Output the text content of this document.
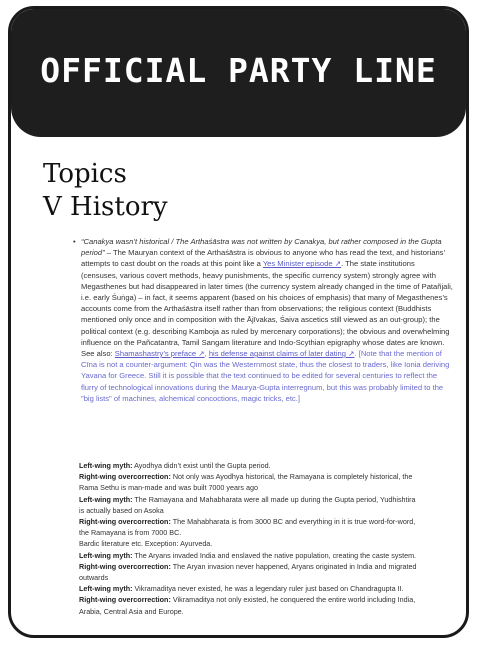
OFFICIAL PARTY LINE
Topics
V History
• “Canakya wasn’t historical / The Arthaśāstra was not written by Canakya, but rather composed in the Gupta period” – The Mauryan context of the Arthaśāstra is obvious to anyone who has read the text, and historians’ attempts to cast doubt on the roads at this point like a Yes Minister episode ↗. The state institutions (censuses, various covert methods, heavy punishments, the specific currency system) strongly agree with Megasthenes but had disappeared in later times (the currency system already changed in the time of Patañjali, i.e. early Śuṅga) – in fact, it seems apparent (based on his choices of emphasis) that many of Megasthenes’s accounts come from the Arthaśāstra itself rather than from observations; the religious context (Buddhists mentioned only once and in composition with the Ājīvakas, Śaiva ascetics still viewed as an out-group); the political context (e.g. describing Kamboja as ruled by mercenary corporations); the obvious and overwhelming influence on the Pañcatantra, Tamil Sangam literature and Indo-Scythian epigraphy whose dates are known. See also: Shamashastry’s preface ↗, his defense against claims of later dating ↗. [Note that the mention of Cīna is not a counter-argument: Qin was the Westernmost state, thus the closest to traders, like Ionia deriving Yavana for Greece. Still it is possible that the text continued to be edited for several centuries to reflect the flurry of technological innovations during the Maurya-Gupta interregnum, but this was probably limited to the "big lists" of machines, alchemical concoctions, magic tricks, etc.]
Left-wing myth: Ayodhya didn’t exist until the Gupta period.
Right-wing overcorrection: Not only was Ayodhya historical, the Ramayana is completely historical, the Rama Sethu is man-made and was built 7000 years ago
Left-wing myth: The Ramayana and Mahabharata were all made up during the Gupta period, Yudhishtira is actually based on Asoka
Right-wing overcorrection: The Mahabharata is from 3000 BC and everything in it is true word-for-word, the Ramayana is from 7000 BC.
Bardic literature etc. Exception: Ayurveda.
Left-wing myth: The Aryans invaded India and enslaved the native population, creating the caste system.
Right-wing overcorrection: The Aryan invasion never happened, Aryans originated in India and migrated outwards
Left-wing myth: Vikramaditya never existed, he was a legendary ruler just based on Chandragupta II.
Right-wing overcorrection: Vikramaditya not only existed, he conquered the entire world including India, Arabia, Central Asia and Europe.
